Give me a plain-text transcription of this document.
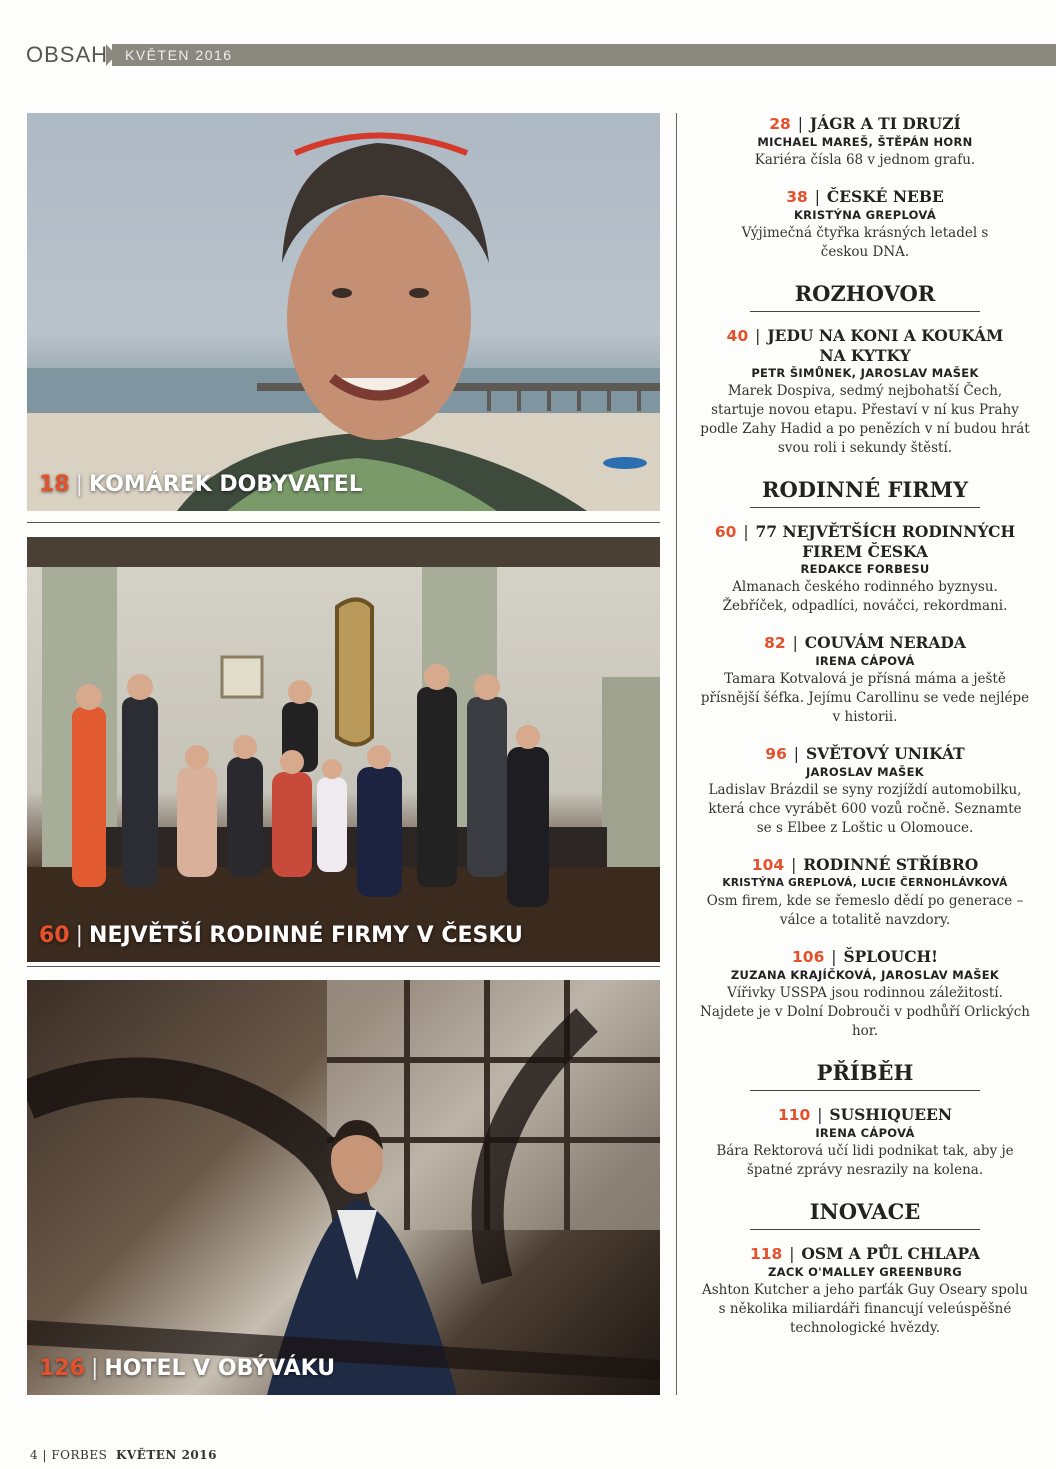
OBSAH KVĚTEN 2016
18 | KOMÁREK DOBYVATEL
60 | NEJVĚTŠÍ RODINNÉ FIRMY V ČESKU
126 | HOTEL V OBÝVÁKU
28 | JÁGR A TI DRUZÍ
MICHAEL MAREŠ, ŠTĚPÁN HORN
Kariéra čísla 68 v jednom grafu.
38 | ČESKÉ NEBE
KRISTÝNA GREPLOVÁ
Výjimečná čtyřka krásných letadel s českou DNA.
ROZHOVOR
40 | JEDU NA KONI A KOUKÁM NA KYTKY
PETR ŠIMŮNEK, JAROSLAV MAŠEK
Marek Dospiva, sedmý nejbohatší Čech, startuje novou etapu. Přestaví v ní kus Prahy podle Zahy Hadid a po penězích v ní budou hrát svou roli i sekundy štěstí.
RODINNÉ FIRMY
60 | 77 NEJVĚTŠÍCH RODINNÝCH FIREM ČESKA
REDAKCE FORBESU
Almanach českého rodinného byznysu. Žebříček, odpadlíci, nováčci, rekordmani.
82 | COUVÁM NERADA
IRENA CÁPOVÁ
Tamara Kotvalová je přísná máma a ještě přísnější šéfka. Jejímu Carollinu se vede nejlépe v historii.
96 | SVĚTOVÝ UNIKÁT
JAROSLAV MAŠEK
Ladislav Brázdil se syny rozjíždí automobilku, která chce vyrábět 600 vozů ročně. Seznamte se s Elbee z Loštic u Olomouce.
104 | RODINNÉ STŘÍBRO
KRISTÝNA GREPLOVÁ, LUCIE ČERNOHLÁVKOVÁ
Osm firem, kde se řemeslo dědí po generace – válce a totalitě navzdory.
106 | ŠPLOUCH!
ZUZANA KRAJÍČKOVÁ, JAROSLAV MAŠEK
Vířivky USSPA jsou rodinnou záležitostí. Najdete je v Dolní Dobrouči v podhůří Orlických hor.
PŘÍBĚH
110 | SUSHIQUEEN
IRENA CÁPOVÁ
Bára Rektorová učí lidi podnikat tak, aby je špatné zprávy nesrazily na kolena.
INOVACE
118 | OSM A PŮL CHLAPA
ZACK O'MALLEY GREENBURG
Ashton Kutcher a jeho parťák Guy Oseary spolu s několika miliardáři financují veleúspěšné technologické hvězdy.
4 | FORBES KVĚTEN 2016
